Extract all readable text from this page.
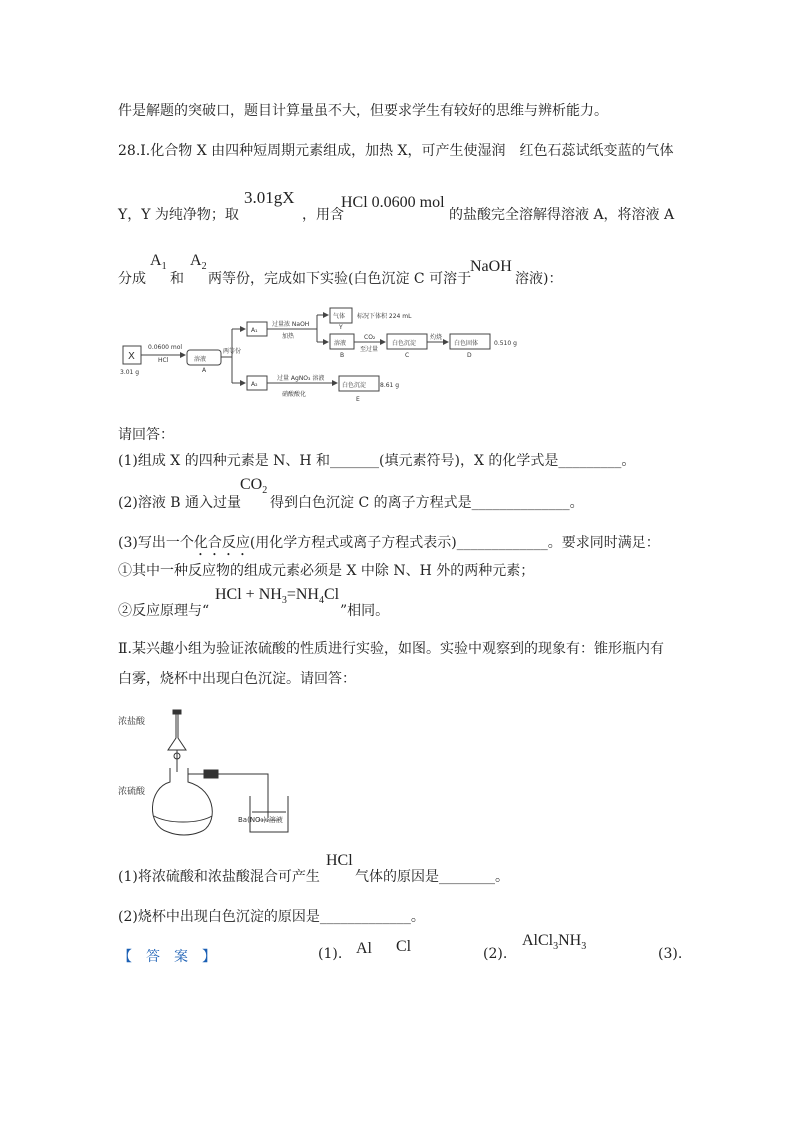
件是解题的突破口，题目计算量虽不大，但要求学生有较好的思维与辨析能力。
28.Ⅰ.化合物 X 由四种短周期元素组成，加热 X，可产生使湿润　红色石蕊试纸变蓝的气体
Y，Y 为纯净物；取
3.01gX
，用含
HCl 0.0600 mol
的盐酸完全溶解得溶液 A，将溶液 A
分成
$A_1$
和
$A_2$
两等份，完成如下实验(白色沉淀 C 可溶于
NaOH
溶液)：
X
3.01 g
0.0600 mol
HCl	溶液
A
两等份
A₁
A₂
过量浓 NaOH
加热
气体
Y
标况下体积 224 mL
溶液
B
CO₂
至过量
白色沉淀
C
灼烧
白色固体	0.510 g
D
过量 AgNO₃ 溶液
硝酸酸化
白色沉淀 8.61 g
E
请回答：
(1)组成 X 的四种元素是 N、H 和_______(填元素符号)，X 的化学式是_________。
(2)溶液 B 通入过量
$CO_2$
得到白色沉淀 C 的离子方程式是______________。
(3)写出一个化合反应(用化学方程式或离子方程式表示)_____________。要求同时满足：
①其中一种反应物的组成元素必须是 X 中除 N、H 外的两种元素；
②反应原理与“
HCl + $NH_3=NH_4Cl$
”相同。
Ⅱ.某兴趣小组为验证浓硫酸的性质进行实验，如图。实验中观察到的现象有：锥形瓶内有
白雾，烧杯中出现白色沉淀。请回答：
浓盐酸
浓硫酸
Ba(NO₃)₂溶液
(1)将浓硫酸和浓盐酸混合可产生
HCl
气体的原因是________。
(2)烧杯中出现白色沉淀的原因是_____________。
【　答　案　】	(1). Al Cl	(2).
$AlCl_3NH_3$	(3).
